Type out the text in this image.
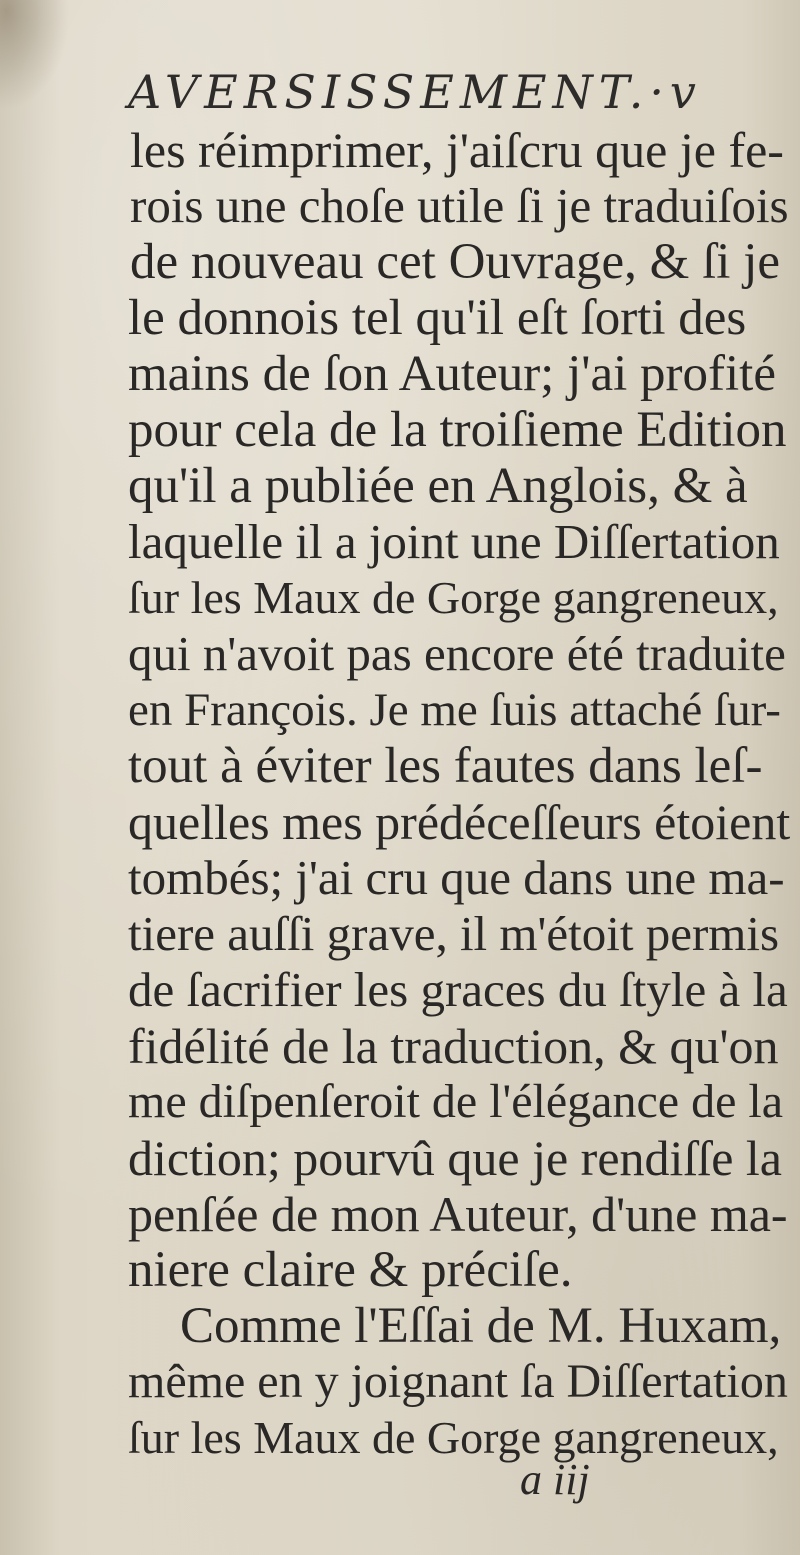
AVERSISSEMENT.·v
les réimprimer, j'aiſcru que je fe-
rois une choſe utile ſi je traduiſois
de nouveau cet Ouvrage, & ſi je
le donnois tel qu'il eſt ſorti des
mains de ſon Auteur; j'ai profité
pour cela de la troiſieme Edition
qu'il a publiée en Anglois, & à
laquelle il a joint une Diſſertation
ſur les Maux de Gorge gangreneux,
qui n'avoit pas encore été traduite
en François. Je me ſuis attaché ſur-
tout à éviter les fautes dans leſ-
quelles mes prédéceſſeurs étoient
tombés; j'ai cru que dans une ma-
tiere auſſi grave, il m'étoit permis
de ſacrifier les graces du ſtyle à la
fidélité de la traduction, & qu'on
me diſpenſeroit de l'élégance de la
diction; pourvû que je rendiſſe la
penſée de mon Auteur, d'une ma-
niere claire & préciſe.
Comme l'Eſſai de M. Huxam,
même en y joignant ſa Diſſertation
ſur les Maux de Gorge gangreneux,
a iij
